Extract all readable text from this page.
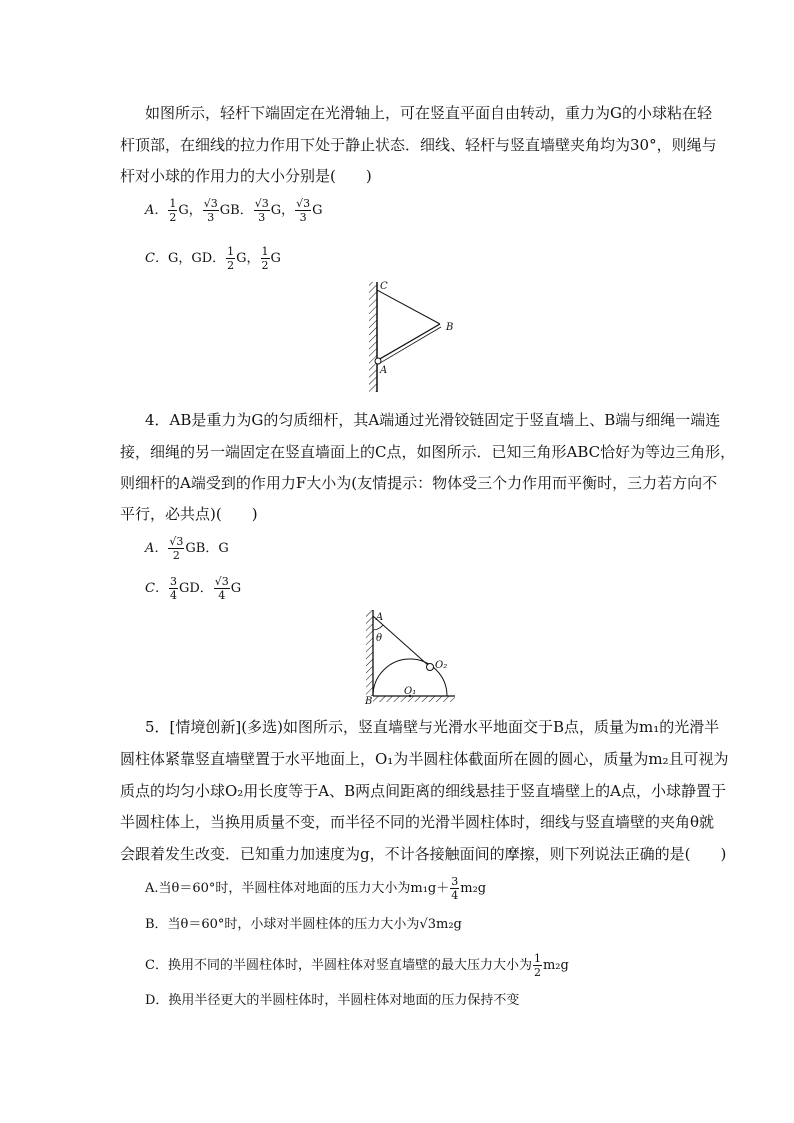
如图所示，轻杆下端固定在光滑轴上，可在竖直平面自由转动，重力为G的小球粘在轻
杆顶部，在细线的拉力作用下处于静止状态．细线、轻杆与竖直墙壁夹角均为30°，则绳与
杆对小球的作用力的大小分别是(　　)
A． $\frac{1}{2}$ G， $\frac{√3}{3}$ GB． $\frac{√3}{3}$ G， $\frac{√3}{3}$ G
C．G，GD． $\frac{1}{2}$ G， $\frac{1}{2}$ G
C
B
A
4．AB是重力为G的匀质细杆，其A端通过光滑铰链固定于竖直墙上、B端与细绳一端连
接，细绳的另一端固定在竖直墙面上的C点，如图所示．已知三角形ABC恰好为等边三角形，
则细杆的A端受到的作用力F大小为(友情提示：物体受三个力作用而平衡时，三力若方向不
平行，必共点)(　　)
A． $\frac{√3}{2}$ GB．G
C． $\frac{3}{4}$ GD． $\frac{√3}{4}$ G
A
θ
O₂
B
O₁
5．[情境创新](多选)如图所示，竖直墙壁与光滑水平地面交于B点，质量为m₁的光滑半
圆柱体紧靠竖直墙壁置于水平地面上，O₁为半圆柱体截面所在圆的圆心，质量为m₂且可视为
质点的均匀小球O₂用长度等于A、B两点间距离的细线悬挂于竖直墙壁上的A点，小球静置于
半圆柱体上，当换用质量不变，而半径不同的光滑半圆柱体时，细线与竖直墙壁的夹角θ就
会跟着发生改变．已知重力加速度为g，不计各接触面间的摩擦，则下列说法正确的是(　　)
A.当θ＝60°时，半圆柱体对地面的压力大小为$m_1g+ \frac{3}{4} m_2g$
B．当θ＝60°时，小球对半圆柱体的压力大小为√3m₂g
C．换用不同的半圆柱体时，半圆柱体对竖直墙壁的最大压力大小为 $\frac{1}{2} m_2g$
D．换用半径更大的半圆柱体时，半圆柱体对地面的压力保持不变
